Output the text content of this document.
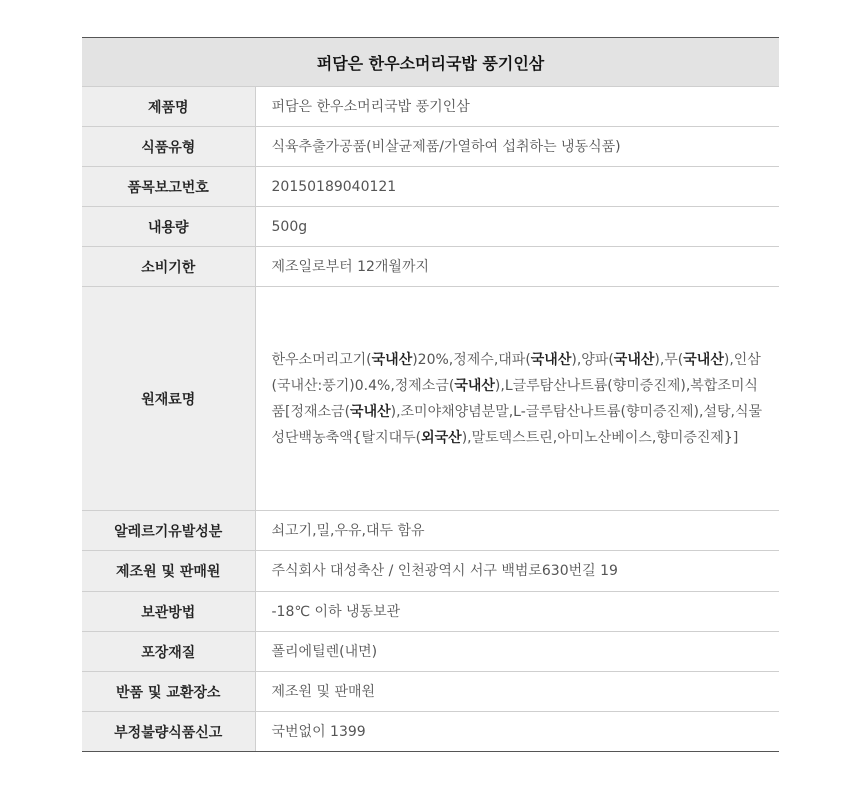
퍼담은 한우소머리국밥 풍기인삼	
제품명	퍼담은 한우소머리국밥 풍기인삼
식품유형	식육추출가공품(비살균제품/가열하여 섭취하는 냉동식품)
품목보고번호	20150189040121
내용량	500g
소비기한	제조일로부터 12개월까지
원재료명	한우소머리고기(국내산)20%,정제수,대파(국내산),양파(국내산),무(국내산),인삼(국내산:풍기)0.4%,정제소금(국내산),L글루탐산나트륨(향미증진제),복합조미식품[정재소금(국내산),조미야채양념분말,L-글루탐산나트륨(향미증진제),설탕,식물성단백농축액{탈지대두(외국산),말토덱스트린,아미노산베이스,향미증진제}]

알레르기유발성분	쇠고기,밀,우유,대두 함유
제조원 및 판매원	주식회사 대성축산 / 인천광역시 서구 백범로630번길 19
보관방법	-18℃ 이하 냉동보관
포장재질	폴리에틸렌(내면)
반품 및 교환장소	제조원 및 판매원
부정불량식품신고	국번없이 1399
